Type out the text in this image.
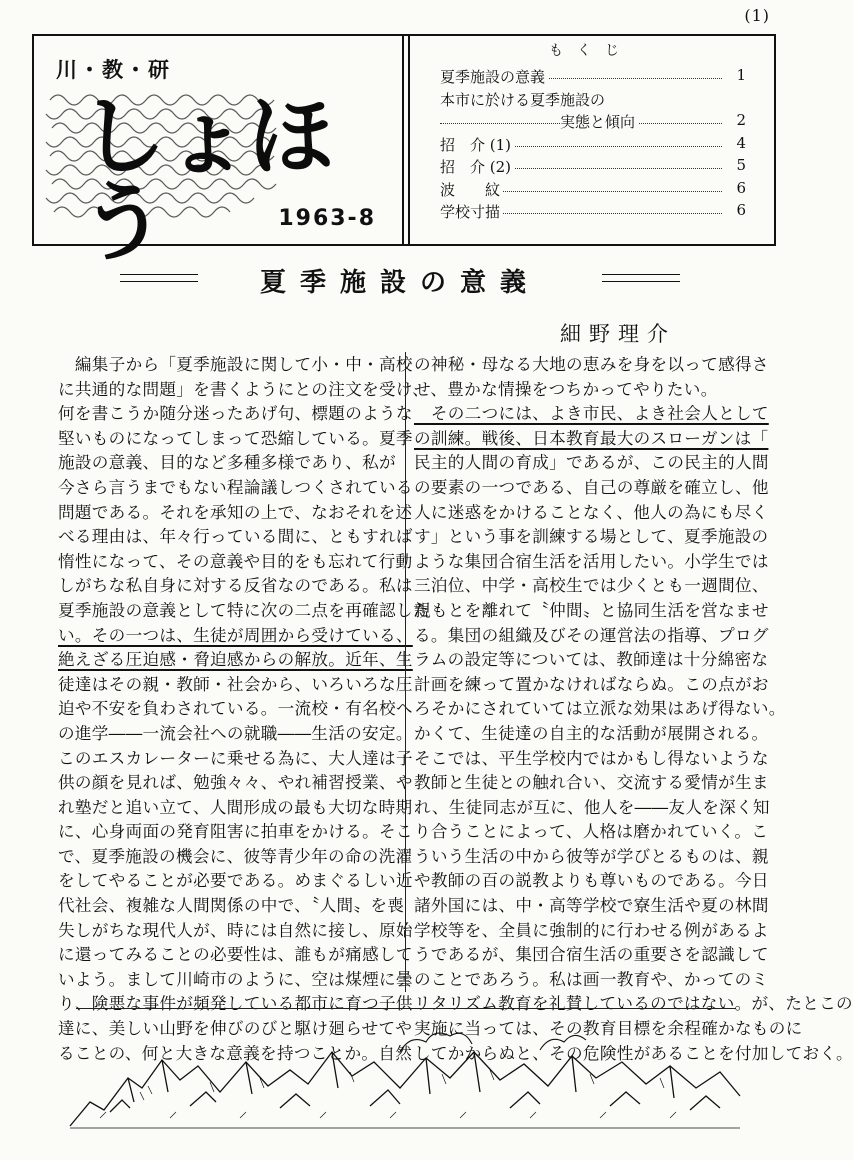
(1)
川・教・研
しょほう	1963-8
もくじ
夏季施設の意義	1
本市に於ける夏季施設の
実態と傾向	2
招　介 (1)	4
招　介 (2)	5
波　　紋	6
学校寸描	6
夏季施設の意義
細野理介
　編集子から「夏季施設に関して小・中・高校
に共通的な問題」を書くようにとの注文を受け、
何を書こうか随分迷ったあげ句、標題のような
堅いものになってしまって恐縮している。夏季
施設の意義、目的など多種多様であり、私が
今さら言うまでもない程論議しつくされている
問題である。それを承知の上で、なおそれを述
べる理由は、年々行っている間に、ともすれば
惰性になって、その意義や目的をも忘れて行動
しがちな私自身に対する反省なのである。私は
夏季施設の意義として特に次の二点を再確認した
い。その一つは、生徒が周囲から受けている、
絶えざる圧迫感・脅迫感からの解放。近年、生
徒達はその親・教師・社会から、いろいろな圧
迫や不安を負わされている。一流校・有名校へ
の進学――一流会社への就職――生活の安定。
このエスカレーターに乗せる為に、大人達は子
供の顔を見れば、勉強々々、やれ補習授業、や
れ塾だと追い立て、人間形成の最も大切な時期
に、心身両面の発育阻害に拍車をかける。そこ
で、夏季施設の機会に、彼等青少年の命の洗濯
をしてやることが必要である。めまぐるしい近
代社会、複雑な人間関係の中で、〝人間〟を喪
失しがちな現代人が、時には自然に接し、原始
に還ってみることの必要性は、誰もが痛感して
いよう。まして川崎市のように、空は煤煙に曇
り、険悪な事件が頻発している都市に育つ子供
達に、美しい山野を伸びのびと駆け廻らせてや
ることの、何と大きな意義を持つことか。自然
の神秘・母なる大地の恵みを身を以って感得さ
せ、豊かな情操をつちかってやりたい。
　その二つには、よき市民、よき社会人として
の訓練。戦後、日本教育最大のスローガンは「
民主的人間の育成」であるが、この民主的人間
の要素の一つである、自己の尊厳を確立し、他
人に迷惑をかけることなく、他人の為にも尽く
す」という事を訓練する場として、夏季施設の
ような集団合宿生活を活用したい。小学生では
三泊位、中学・高校生では少くとも一週間位、
親もとを離れて〝仲間〟と協同生活を営なませ
る。集団の組織及びその運営法の指導、プログ
ラムの設定等については、教師達は十分綿密な
計画を練って置かなければならぬ。この点がお
ろそかにされていては立派な効果はあげ得ない。
かくて、生徒達の自主的な活動が展開される。
そこでは、平生学校内ではかもし得ないような
教師と生徒との触れ合い、交流する愛情が生ま
れ、生徒同志が互に、他人を――友人を深く知
り合うことによって、人格は磨かれていく。こ
ういう生活の中から彼等が学びとるものは、親
や教師の百の説教よりも尊いものである。今日
諸外国には、中・高等学校で寮生活や夏の林間
学校等を、全員に強制的に行わせる例があるよ
うであるが、集団合宿生活の重要さを認識して
のことであろう。私は画一教育や、かってのミ
リタリズム教育を礼賛しているのではない。が、たとこの
実施に当っては、その教育目標を余程確かなものに
してかからぬと、その危険性があることを付加しておく。
